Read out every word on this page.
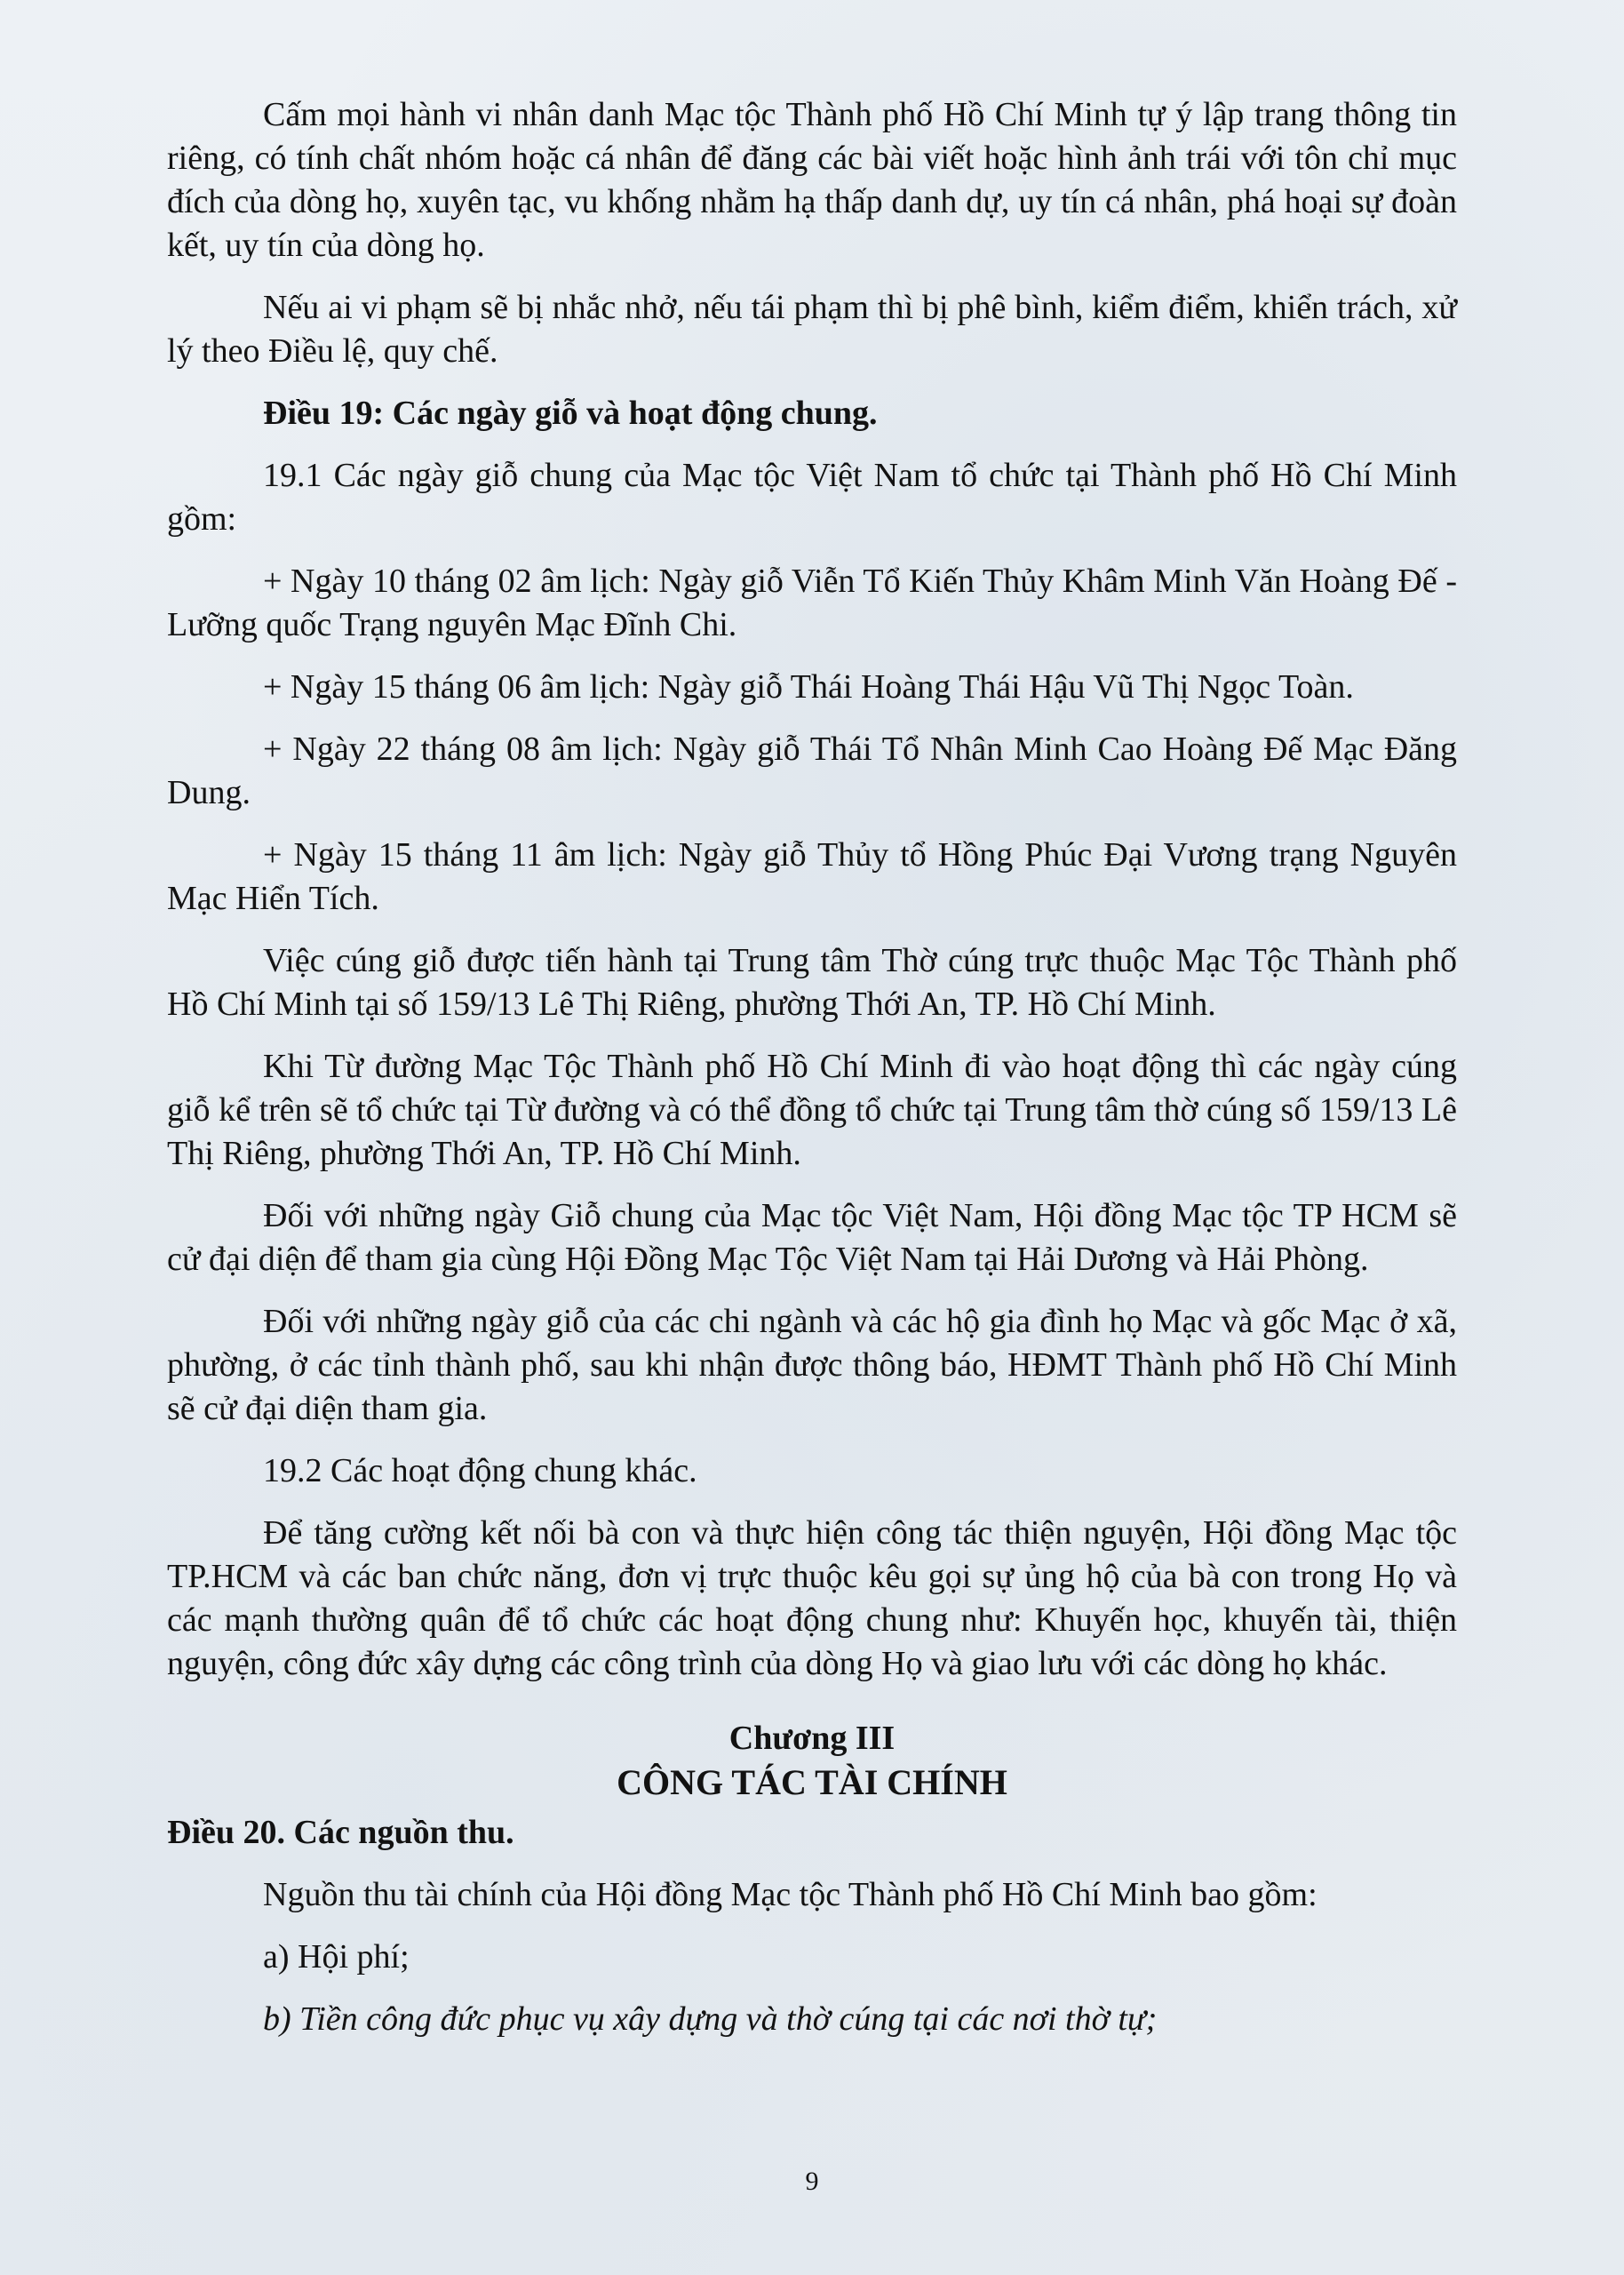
Cấm mọi hành vi nhân danh Mạc tộc Thành phố Hồ Chí Minh tự ý lập trang thông tin riêng, có tính chất nhóm hoặc cá nhân để đăng các bài viết hoặc hình ảnh trái với tôn chỉ mục đích của dòng họ, xuyên tạc, vu khống nhằm hạ thấp danh dự, uy tín cá nhân, phá hoại sự đoàn kết, uy tín của dòng họ.

Nếu ai vi phạm sẽ bị nhắc nhở, nếu tái phạm thì bị phê bình, kiểm điểm, khiển trách, xử lý theo Điều lệ, quy chế.

Điều 19: Các ngày giỗ và hoạt động chung.

19.1 Các ngày giỗ chung của Mạc tộc Việt Nam tổ chức tại Thành phố Hồ Chí Minh gồm:

+ Ngày 10 tháng 02 âm lịch: Ngày giỗ Viễn Tổ Kiến Thủy Khâm Minh Văn Hoàng Đế - Lưỡng quốc Trạng nguyên Mạc Đĩnh Chi.

+ Ngày 15 tháng 06 âm lịch: Ngày giỗ Thái Hoàng Thái Hậu Vũ Thị Ngọc Toàn.

+ Ngày 22 tháng 08 âm lịch: Ngày giỗ Thái Tổ Nhân Minh Cao Hoàng Đế Mạc Đăng Dung.

+ Ngày 15 tháng 11 âm lịch: Ngày giỗ Thủy tổ Hồng Phúc Đại Vương trạng Nguyên Mạc Hiển Tích.

Việc cúng giỗ được tiến hành tại Trung tâm Thờ cúng trực thuộc Mạc Tộc Thành phố Hồ Chí Minh tại số 159/13 Lê Thị Riêng, phường Thới An, TP. Hồ Chí Minh.

Khi Từ đường Mạc Tộc Thành phố Hồ Chí Minh đi vào hoạt động thì các ngày cúng giỗ kể trên sẽ tổ chức tại Từ đường và có thể đồng tổ chức tại Trung tâm thờ cúng số 159/13 Lê Thị Riêng, phường Thới An, TP. Hồ Chí Minh.

Đối với những ngày Giỗ chung của Mạc tộc Việt Nam, Hội đồng Mạc tộc TP HCM sẽ cử đại diện để tham gia cùng Hội Đồng Mạc Tộc Việt Nam tại Hải Dương và Hải Phòng.

Đối với những ngày giỗ của các chi ngành và các hộ gia đình họ Mạc và gốc Mạc ở xã, phường, ở các tỉnh thành phố, sau khi nhận được thông báo, HĐMT Thành phố Hồ Chí Minh sẽ cử đại diện tham gia.

19.2 Các hoạt động chung khác.

Để tăng cường kết nối bà con và thực hiện công tác thiện nguyện, Hội đồng Mạc tộc TP.HCM và các ban chức năng, đơn vị trực thuộc kêu gọi sự ủng hộ của bà con trong Họ và các mạnh thường quân để tổ chức các hoạt động chung như: Khuyến học, khuyến tài, thiện nguyện, công đức xây dựng các công trình của dòng Họ và giao lưu với các dòng họ khác.

Chương III

CÔNG TÁC TÀI CHÍNH

Điều 20. Các nguồn thu.

Nguồn thu tài chính của Hội đồng Mạc tộc Thành phố Hồ Chí Minh bao gồm:

a) Hội phí;

b) Tiền công đức phục vụ xây dựng và thờ cúng tại các nơi thờ tự;

9
